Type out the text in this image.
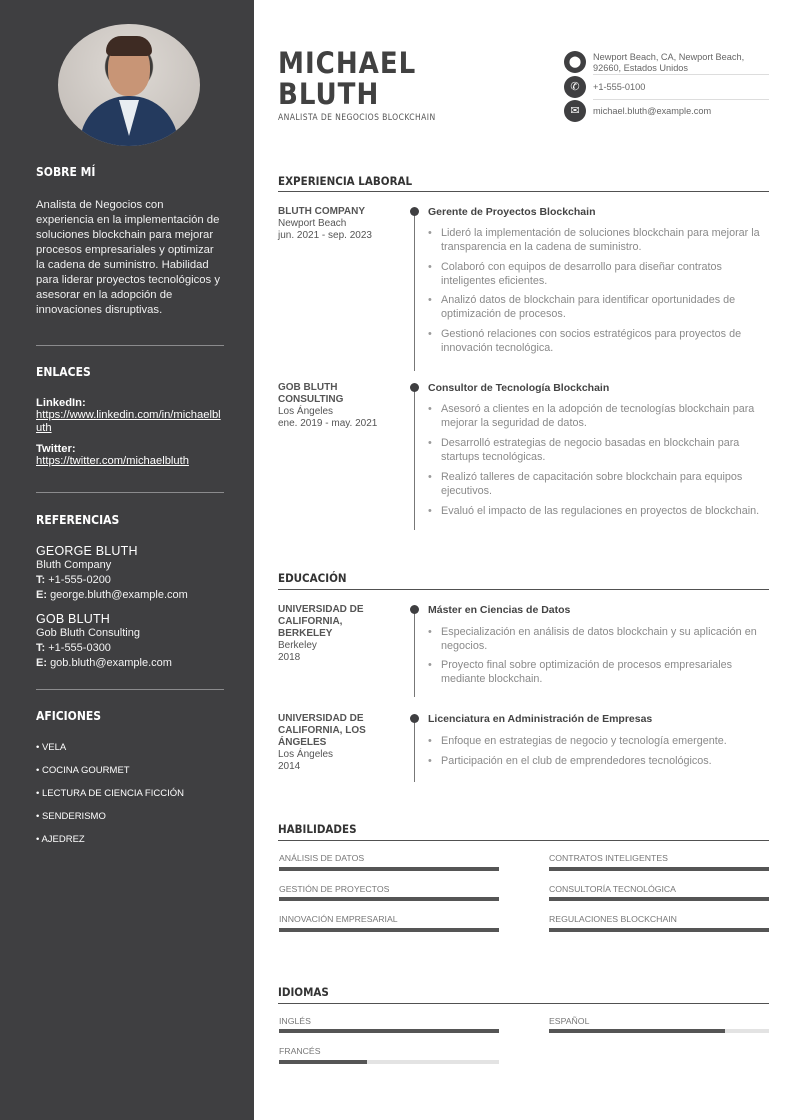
SOBRE MÍ
Analista de Negocios con experiencia en la implementación de soluciones blockchain para mejorar procesos empresariales y optimizar la cadena de suministro. Habilidad para liderar proyectos tecnológicos y asesorar en la adopción de innovaciones disruptivas.
ENLACES
LinkedIn:
https://www.linkedin.com/in/michaelbluth
Twitter:
https://twitter.com/michaelbluth
REFERENCIAS
GEORGE BLUTH
Bluth Company
T: +1-555-0200
E: george.bluth@example.com
GOB BLUTH
Gob Bluth Consulting
T: +1-555-0300
E: gob.bluth@example.com
AFICIONES
• VELA
• COCINA GOURMET
• LECTURA DE CIENCIA FICCIÓN
• SENDERISMO
• AJEDREZ
MICHAEL
BLUTH
ANALISTA DE NEGOCIOS BLOCKCHAIN
⬤	Newport Beach, CA, Newport Beach, 92660, Estados Unidos
✆	+1-555-0100
✉	michael.bluth@example.com
EXPERIENCIA LABORAL
BLUTH COMPANY
Newport Beach
jun. 2021 - sep. 2023
Gerente de Proyectos Blockchain
• Lideró la implementación de soluciones blockchain para mejorar la transparencia en la cadena de suministro.
• Colaboró con equipos de desarrollo para diseñar contratos inteligentes eficientes.
• Analizó datos de blockchain para identificar oportunidades de optimización de procesos.
• Gestionó relaciones con socios estratégicos para proyectos de innovación tecnológica.
GOB BLUTH CONSULTING
Los Ángeles
ene. 2019 - may. 2021
Consultor de Tecnología Blockchain
• Asesoró a clientes en la adopción de tecnologías blockchain para mejorar la seguridad de datos.
• Desarrolló estrategias de negocio basadas en blockchain para startups tecnológicas.
• Realizó talleres de capacitación sobre blockchain para equipos ejecutivos.
• Evaluó el impacto de las regulaciones en proyectos de blockchain.
EDUCACIÓN
UNIVERSIDAD DE CALIFORNIA, BERKELEY
Berkeley
2018
Máster en Ciencias de Datos
• Especialización en análisis de datos blockchain y su aplicación en negocios.
• Proyecto final sobre optimización de procesos empresariales mediante blockchain.
UNIVERSIDAD DE CALIFORNIA, LOS ÁNGELES
Los Ángeles
2014
Licenciatura en Administración de Empresas
• Enfoque en estrategias de negocio y tecnología emergente.
• Participación en el club de emprendedores tecnológicos.
HABILIDADES
ANÁLISIS DE DATOS	CONTRATOS INTELIGENTES
GESTIÓN DE PROYECTOS	CONSULTORÍA TECNOLÓGICA
INNOVACIÓN EMPRESARIAL	REGULACIONES BLOCKCHAIN
IDIOMAS
INGLÉS	ESPAÑOL
FRANCÉS
